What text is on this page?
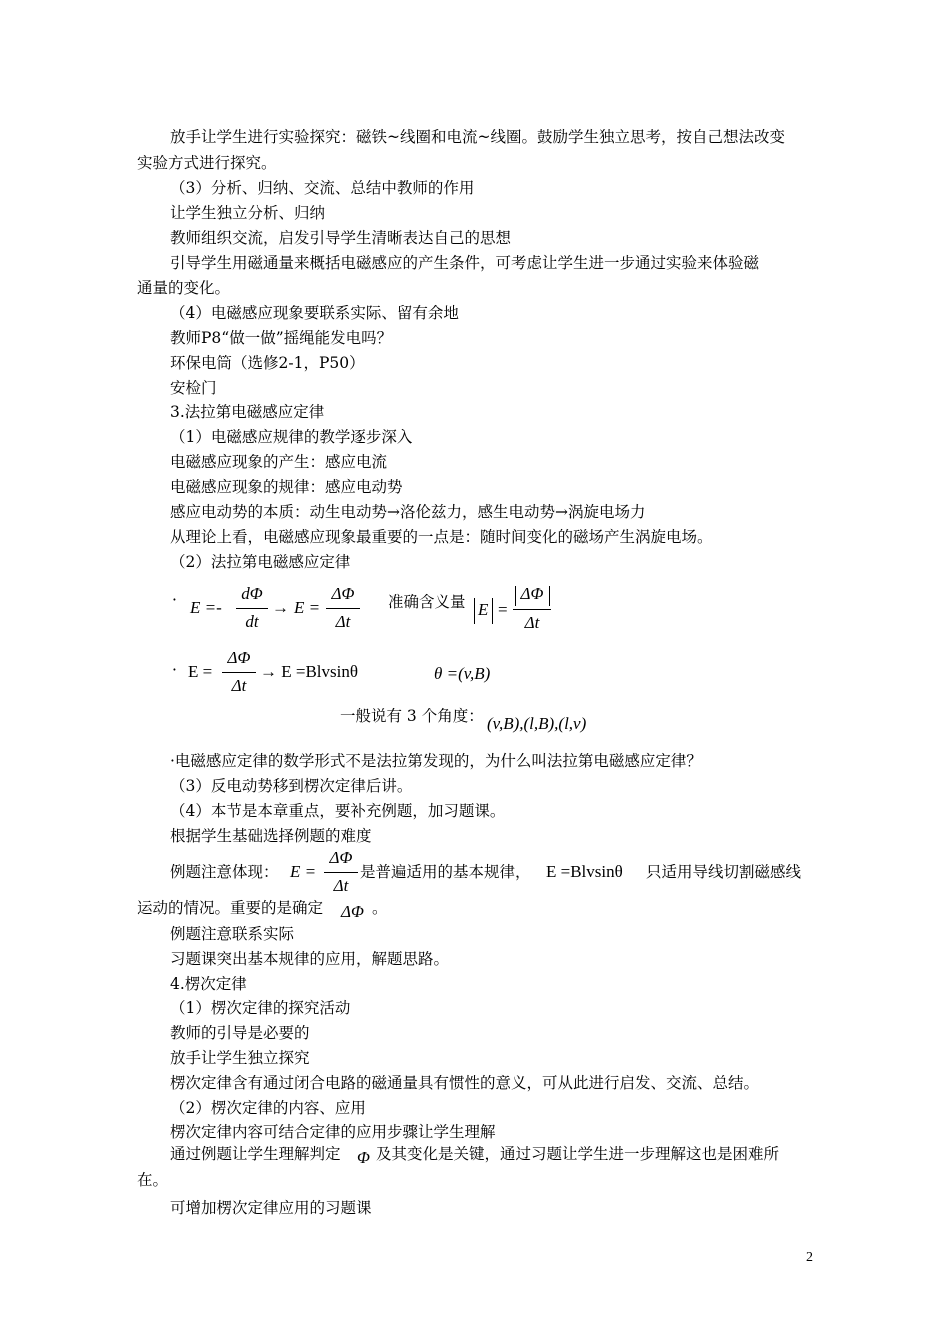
放手让学生进行实验探究：磁铁~线圈和电流~线圈。鼓励学生独立思考，按自己想法改变
实验方式进行探究。
（3）分析、归纳、交流、总结中教师的作用
让学生独立分析、归纳
教师组织交流，启发引导学生清晰表达自己的思想
引导学生用磁通量来概括电磁感应的产生条件，可考虑让学生进一步通过实验来体验磁
通量的变化。
（4）电磁感应现象要联系实际、留有余地
教师P8“做一做”摇绳能发电吗？
环保电筒（选修2-1，P50）
安检门
3.法拉第电磁感应定律
（1）电磁感应规律的教学逐步深入
电磁感应现象的产生：感应电流
电磁感应现象的规律：感应电动势
感应电动势的本质：动生电动势→洛伦兹力，感生电动势→涡旋电场力
从理论上看，电磁感应现象最重要的一点是：随时间变化的磁场产生涡旋电场。
（2）法拉第电磁感应定律
· E =-
dΦ
dt
→ E =
ΔΦ
Δt
准确含义量 E =
ΔΦ
Δt
· E =
ΔΦ
Δt
→ E =Blvsinθ	θ =(v,B)
一般说有 3 个角度： (v,B),(l,B),(l,v)
·电磁感应定律的数学形式不是法拉第发现的，为什么叫法拉第电磁感应定律？
（3）反电动势移到楞次定律后讲。
（4）本节是本章重点，要补充例题，加习题课。
根据学生基础选择例题的难度
例题注意体现： E =
ΔΦ
Δt
是普遍适用的基本规律， E =Blvsinθ 只适用导线切割磁感线
运动的情况。重要的是确定 ΔΦ 。
例题注意联系实际
习题课突出基本规律的应用，解题思路。
4.楞次定律
（1）楞次定律的探究活动
教师的引导是必要的
放手让学生独立探究
楞次定律含有通过闭合电路的磁通量具有惯性的意义，可从此进行启发、交流、总结。
（2）楞次定律的内容、应用
楞次定律内容可结合定律的应用步骤让学生理解
通过例题让学生理解判定 Φ 及其变化是关键，通过习题让学生进一步理解这也是困难所
在。
可增加楞次定律应用的习题课
2
